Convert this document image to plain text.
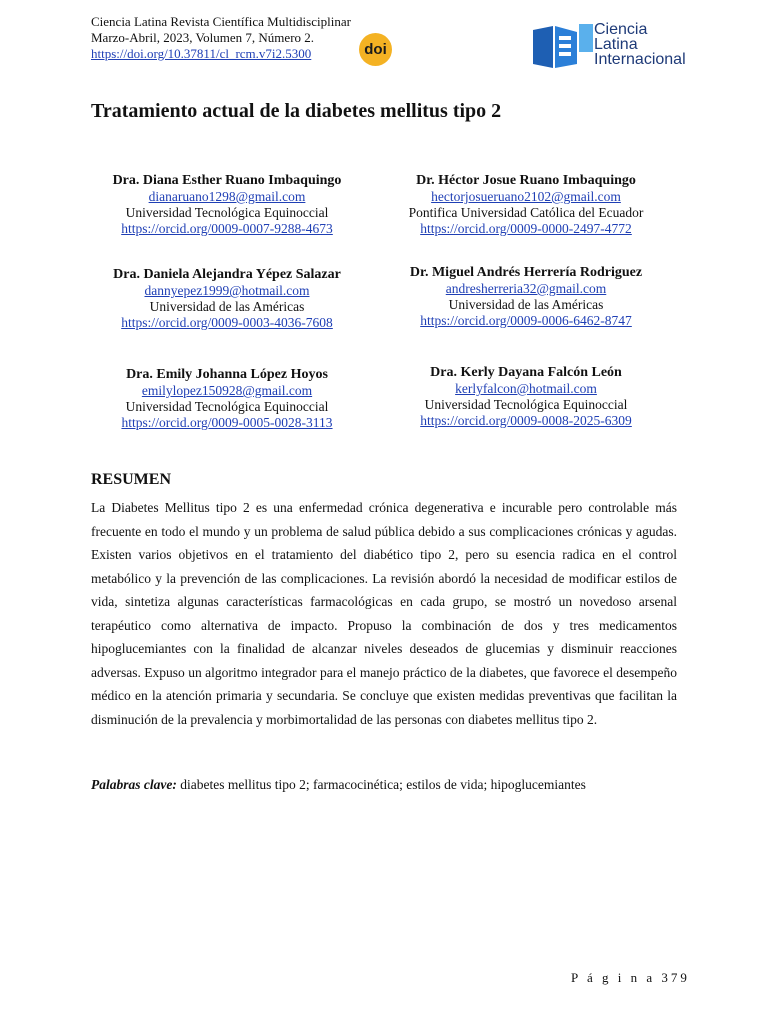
Ciencia Latina Revista Científica Multidisciplinar
Marzo-Abril, 2023, Volumen 7, Número 2.
https://doi.org/10.37811/cl_rcm.v7i2.5300	doi
Ciencia
Latina
Internacional
Tratamiento actual de la diabetes mellitus tipo 2
Dra. Diana Esther Ruano Imbaquingo
dianaruano1298@gmail.com
Universidad Tecnológica Equinoccial
https://orcid.org/0009-0007-9288-4673
Dr. Héctor Josue Ruano Imbaquingo
hectorjosueruano2102@gmail.com
Pontifica Universidad Católica del Ecuador
https://orcid.org/0009-0000-2497-4772
Dra. Daniela Alejandra Yépez Salazar
dannyepez1999@hotmail.com
Universidad de las Américas
https://orcid.org/0009-0003-4036-7608
Dr. Miguel Andrés Herrería Rodriguez
andresherreria32@gmail.com
Universidad de las Américas
https://orcid.org/0009-0006-6462-8747
Dra. Emily Johanna López Hoyos
emilylopez150928@gmail.com
Universidad Tecnológica Equinoccial
https://orcid.org/0009-0005-0028-3113
Dra. Kerly Dayana Falcón León
kerlyfalcon@hotmail.com
Universidad Tecnológica Equinoccial
https://orcid.org/0009-0008-2025-6309
RESUMEN
La Diabetes Mellitus tipo 2 es una enfermedad crónica degenerativa e incurable pero controlable más frecuente en todo el mundo y un problema de salud pública debido a sus complicaciones crónicas y agudas. Existen varios objetivos en el tratamiento del diabético tipo 2, pero su esencia radica en el control metabólico y la prevención de las complicaciones. La revisión abordó la necesidad de modificar estilos de vida, sintetiza algunas características farmacológicas en cada grupo, se mostró un novedoso arsenal terapéutico como alternativa de impacto. Propuso la combinación de dos y tres medicamentos hipoglucemiantes con la finalidad de alcanzar niveles deseados de glucemias y disminuir reacciones adversas. Expuso un algoritmo integrador para el manejo práctico de la diabetes, que favorece el desempeño médico en la atención primaria y secundaria. Se concluye que existen medidas preventivas que facilitan la disminución de la prevalencia y morbimortalidad de las personas con diabetes mellitus tipo 2.
Palabras clave: diabetes mellitus tipo 2; farmacocinética; estilos de vida; hipoglucemiantes
P á g i n a 379
